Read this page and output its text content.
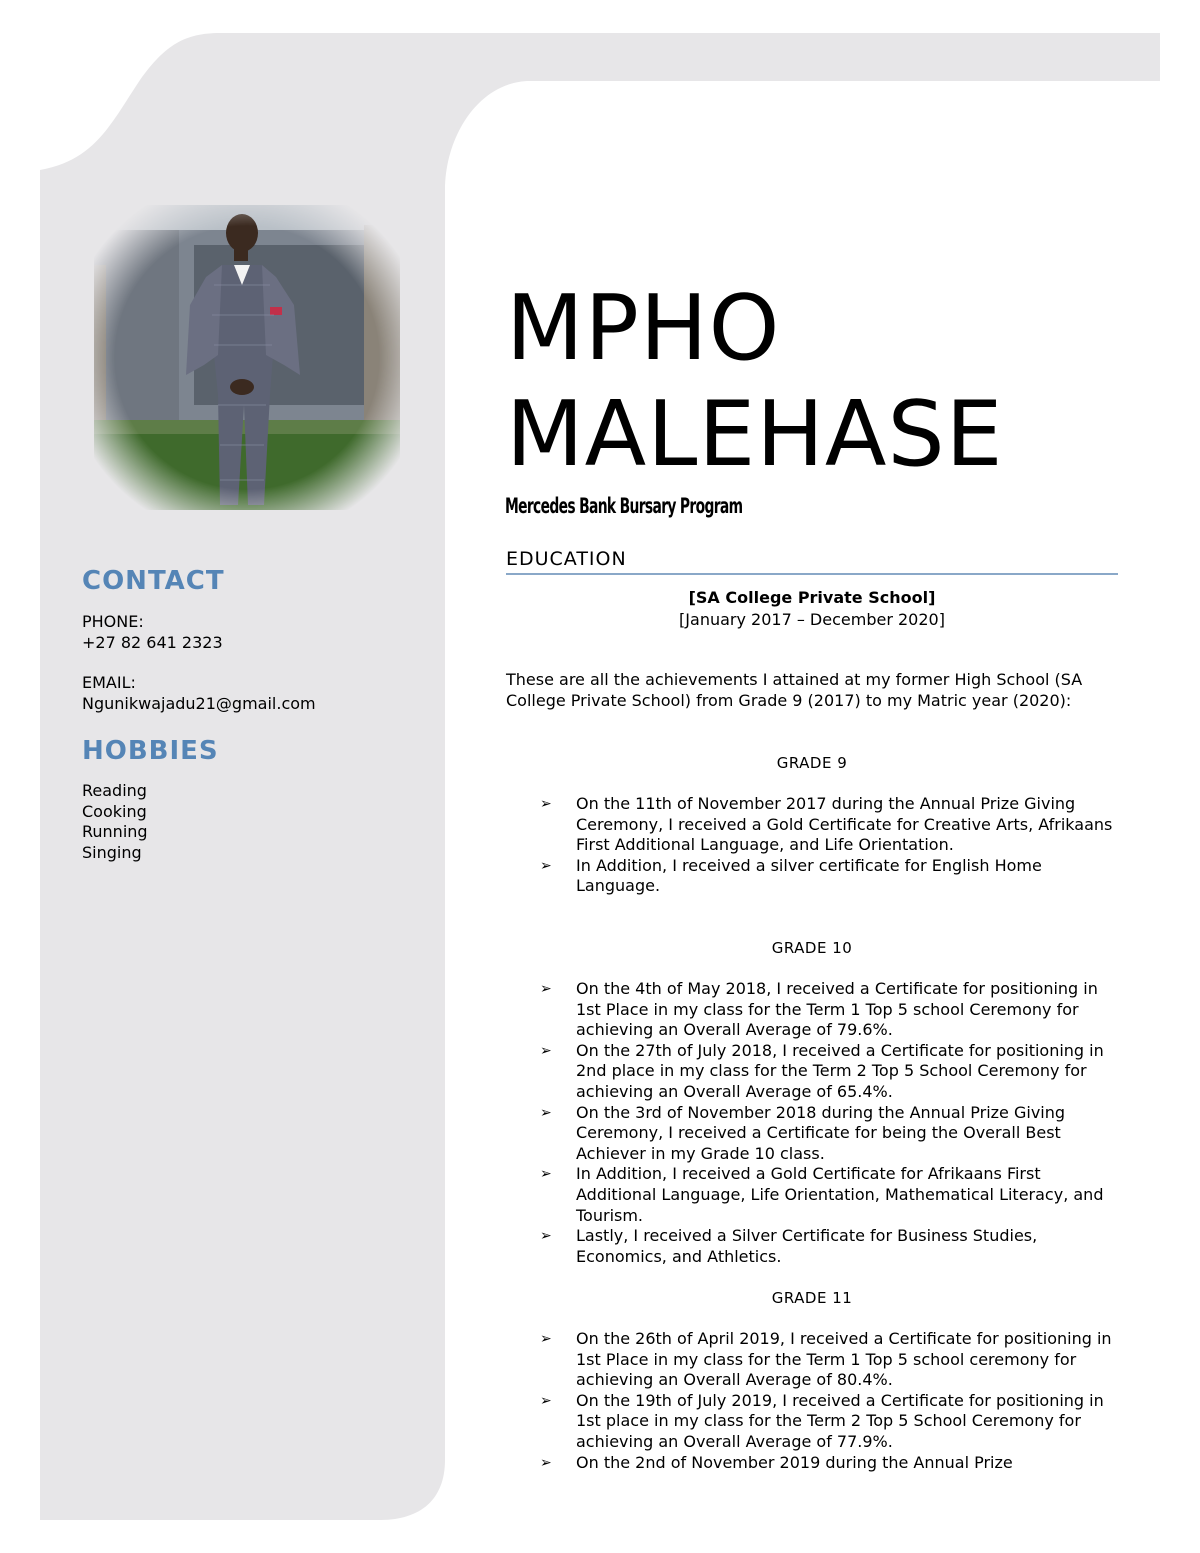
CONTACT
PHONE:
+27 82 641 2323
EMAIL:
Ngunikwajadu21@gmail.com
HOBBIES
Reading
Cooking
Running
Singing
MPHO
MALEHASE
Mercedes Bank Bursary Program
EDUCATION
[SA College Private School]
[January 2017 – December 2020]
These are all the achievements I attained at my former High School (SA College Private School) from Grade 9 (2017) to my Matric year (2020):
GRADE 9
➢ On the 11th of November 2017 during the Annual Prize Giving Ceremony, I received a Gold Certificate for Creative Arts, Afrikaans First Additional Language, and Life Orientation.
➢ In Addition, I received a silver certificate for English Home Language.
GRADE 10
➢ On the 4th of May 2018, I received a Certificate for positioning in 1st Place in my class for the Term 1 Top 5 school Ceremony for achieving an Overall Average of 79.6%.
➢ On the 27th of July 2018, I received a Certificate for positioning in 2nd place in my class for the Term 2 Top 5 School Ceremony for achieving an Overall Average of 65.4%.
➢ On the 3rd of November 2018 during the Annual Prize Giving Ceremony, I received a Certificate for being the Overall Best Achiever in my Grade 10 class.
➢ In Addition, I received a Gold Certificate for Afrikaans First Additional Language, Life Orientation, Mathematical Literacy, and Tourism.
➢ Lastly, I received a Silver Certificate for Business Studies, Economics, and Athletics.
GRADE 11
➢ On the 26th of April 2019, I received a Certificate for positioning in 1st Place in my class for the Term 1 Top 5 school ceremony for achieving an Overall Average of 80.4%.
➢ On the 19th of July 2019, I received a Certificate for positioning in 1st place in my class for the Term 2 Top 5 School Ceremony for achieving an Overall Average of 77.9%.
➢ On the 2nd of November 2019 during the Annual Prize
